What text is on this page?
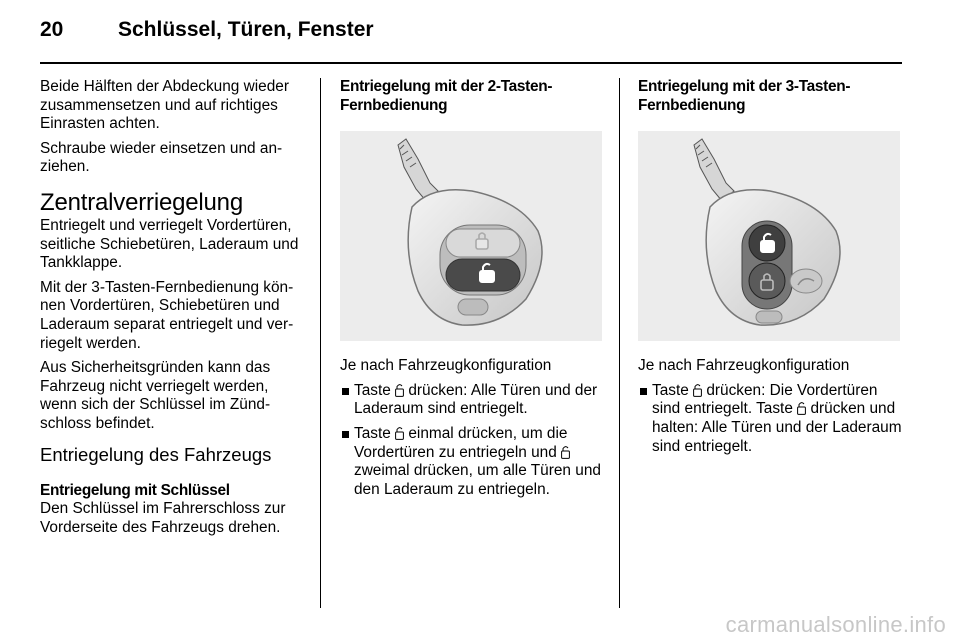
20	Schlüssel, Türen, Fenster

Beide Hälften der Abdeckung wieder zusammensetzen und auf richtiges Einrasten achten.

Schraube wieder einsetzen und anziehen.

Zentralverriegelung

Entriegelt und verriegelt Vordertüren, seitliche Schiebetüren, Laderaum und Tankklappe.

Mit der 3-Tasten-Fernbedienung können Vordertüren, Schiebetüren und Laderaum separat entriegelt und verriegelt werden.

Aus Sicherheitsgründen kann das Fahrzeug nicht verriegelt werden, wenn sich der Schlüssel im Zündschloss befindet.

Entriegelung des Fahrzeugs
Entriegelung mit Schlüssel

Den Schlüssel im Fahrerschloss zur Vorderseite des Fahrzeugs drehen.

Entriegelung mit der 2-Tasten-Fernbedienung

Je nach Fahrzeugkonfiguration

Taste drücken: Alle Türen und der Laderaum sind entriegelt.
Taste einmal drücken, um die Vordertüren zu entriegeln und  zweimal drücken, um alle Türen und den Laderaum zu entriegeln.
Entriegelung mit der 3-Tasten-Fernbedienung

Je nach Fahrzeugkonfiguration

Taste drücken: Die Vordertüren sind entriegelt. Taste drücken und halten: Alle Türen und der Laderaum sind entriegelt.
carmanualsonline.info
